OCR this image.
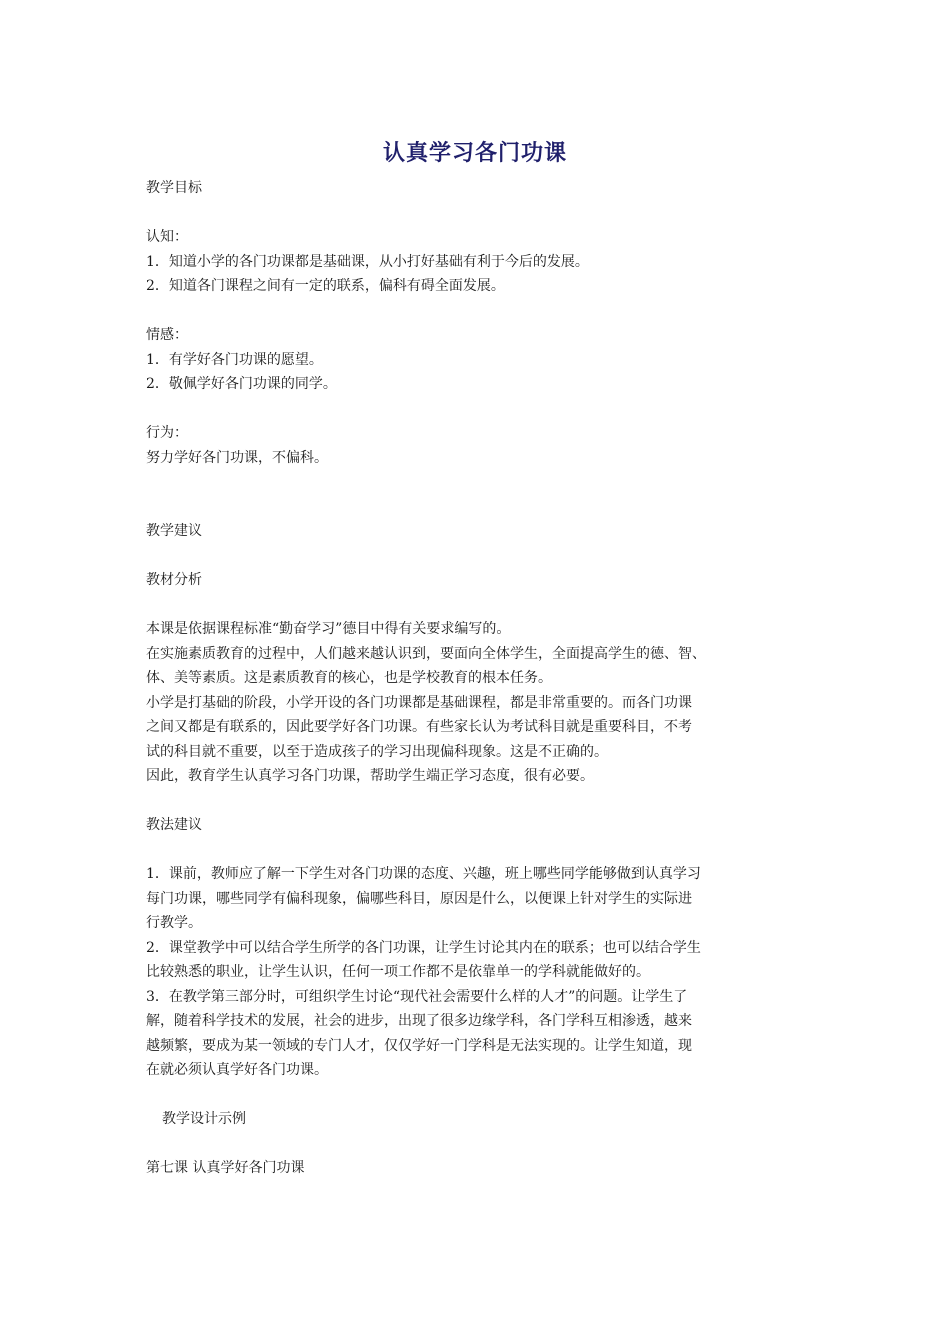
认真学习各门功课

教学目标

认知：

1．知道小学的各门功课都是基础课，从小打好基础有利于今后的发展。

2．知道各门课程之间有一定的联系，偏科有碍全面发展。

情感：

1．有学好各门功课的愿望。

2．敬佩学好各门功课的同学。

行为：

努力学好各门功课，不偏科。

教学建议

教材分析

本课是依据课程标准“勤奋学习”德目中得有关要求编写的。

在实施素质教育的过程中，人们越来越认识到，要面向全体学生，全面提高学生的德、智、

体、美等素质。这是素质教育的核心，也是学校教育的根本任务。

小学是打基础的阶段，小学开设的各门功课都是基础课程，都是非常重要的。而各门功课

之间又都是有联系的，因此要学好各门功课。有些家长认为考试科目就是重要科目，不考

试的科目就不重要，以至于造成孩子的学习出现偏科现象。这是不正确的。

因此，教育学生认真学习各门功课，帮助学生端正学习态度，很有必要。

教法建议

1．课前，教师应了解一下学生对各门功课的态度、兴趣，班上哪些同学能够做到认真学习

每门功课，哪些同学有偏科现象，偏哪些科目，原因是什么，以便课上针对学生的实际进

行教学。

2．课堂教学中可以结合学生所学的各门功课，让学生讨论其内在的联系；也可以结合学生

比较熟悉的职业，让学生认识，任何一项工作都不是依靠单一的学科就能做好的。

3．在教学第三部分时，可组织学生讨论“现代社会需要什么样的人才”的问题。让学生了

解，随着科学技术的发展，社会的进步，出现了很多边缘学科，各门学科互相渗透，越来

越频繁，要成为某一领域的专门人才，仅仅学好一门学科是无法实现的。让学生知道，现

在就必须认真学好各门功课。

教学设计示例

第七课 认真学好各门功课
